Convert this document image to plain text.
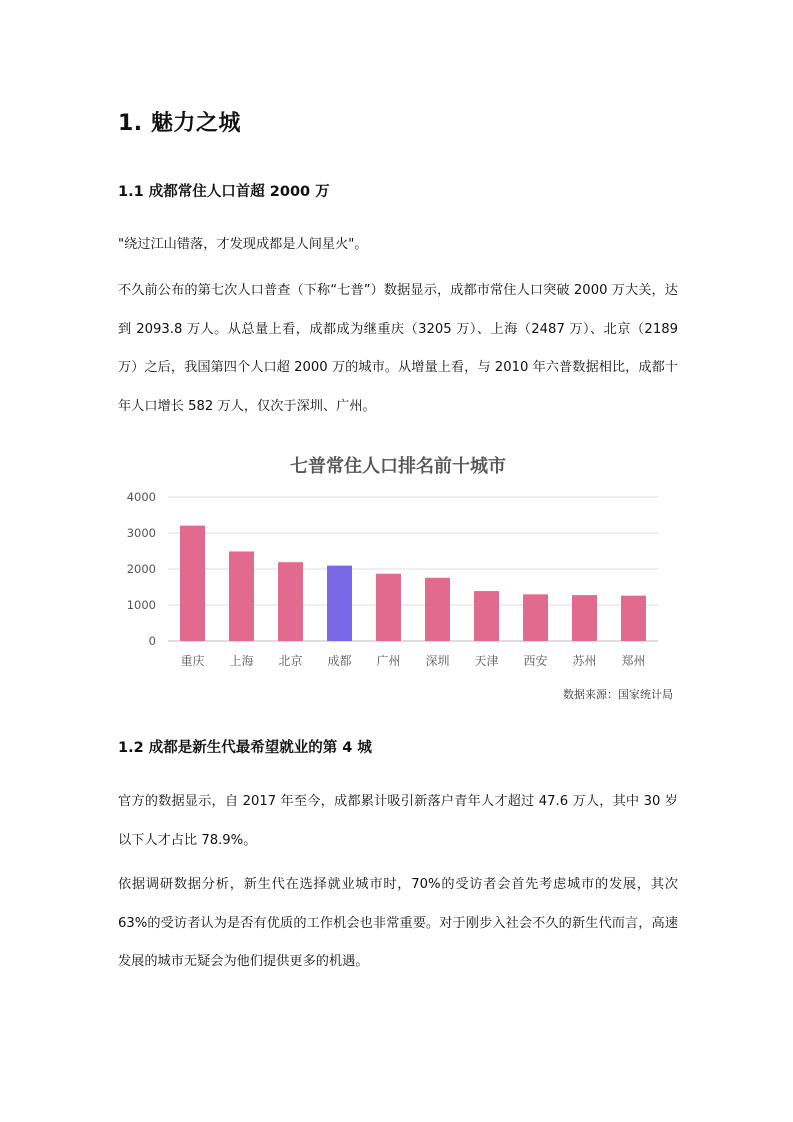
1. 魅力之城
1.1 成都常住人口首超 2000 万

"绕过江山错落，才发现成都是人间星火"。

不久前公布的第七次人口普查（下称“七普”）数据显示，成都市常住人口突破 2000 万大关，达到 2093.8 万人。从总量上看，成都成为继重庆（3205 万）、上海（2487 万）、北京（2189 万）之后，我国第四个人口超 2000 万的城市。从增量上看，与 2010 年六普数据相比，成都十年人口增长 582 万人，仅次于深圳、广州。

七普常住人口排名前十城市

0
1000
2000
3000
4000
重庆 上海 北京 成都 广州 深圳 天津 西安 苏州 郑州

数据来源：国家统计局

1.2 成都是新生代最希望就业的第 4 城

官方的数据显示，自 2017 年至今，成都累计吸引新落户青年人才超过 47.6 万人，其中 30 岁以下人才占比 78.9%。

依据调研数据分析，新生代在选择就业城市时，70%的受访者会首先考虑城市的发展，其次 63%的受访者认为是否有优质的工作机会也非常重要。对于刚步入社会不久的新生代而言，高速发展的城市无疑会为他们提供更多的机遇。
